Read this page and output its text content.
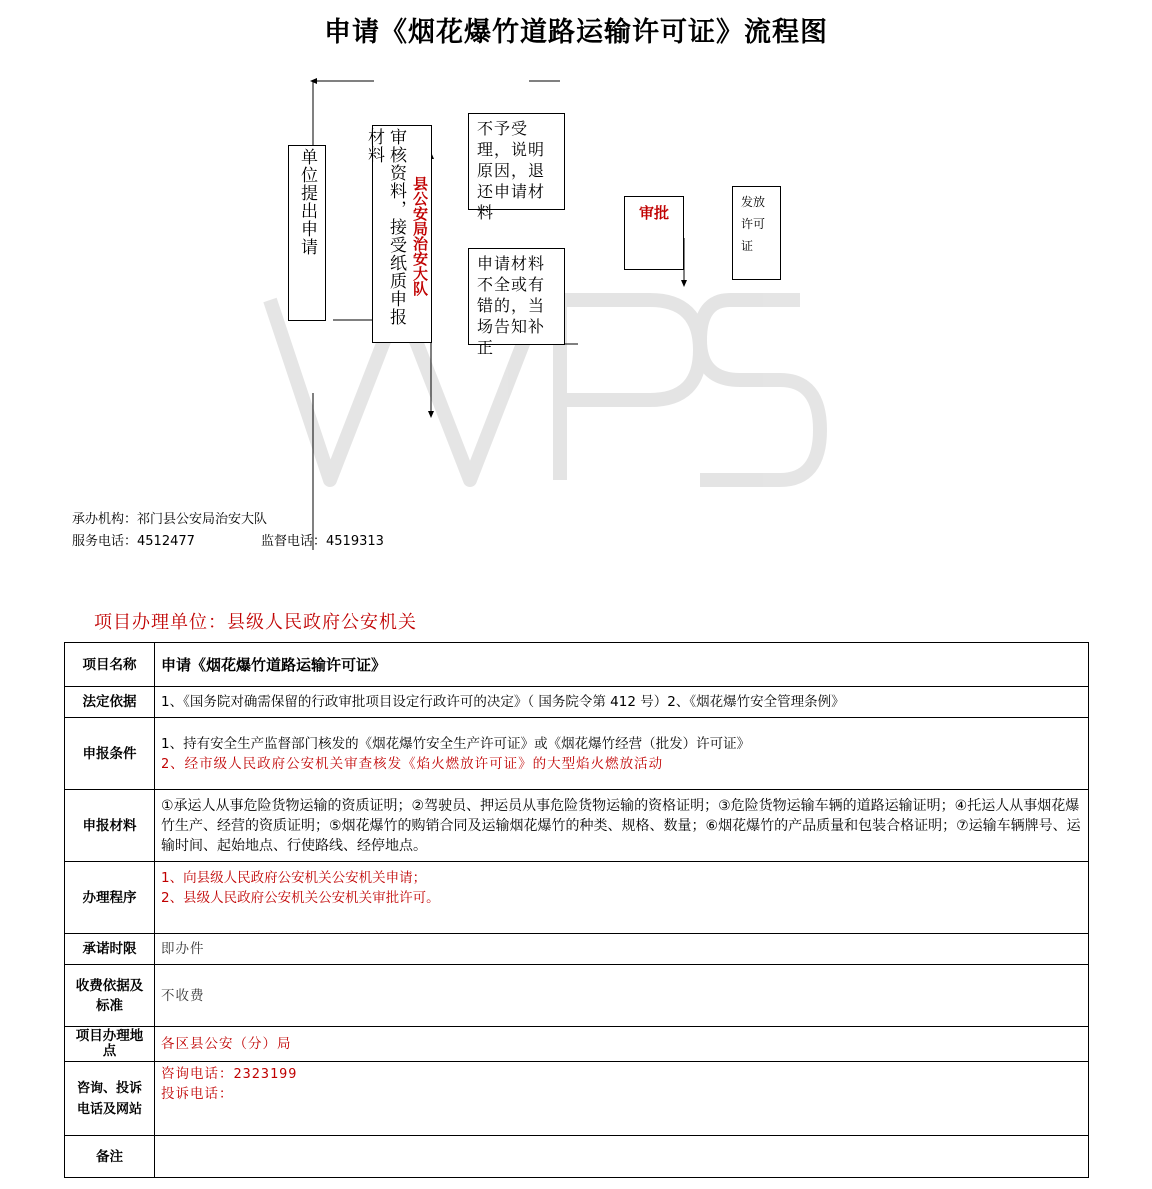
申请《烟花爆竹道路运输许可证》流程图
单位提出申请	审核资料，接受纸质申报材料
县公安局治安大队
不予受理，说明原因，退还申请材料
申请材料不全或有错的，当场告知补正
审批
发放许可证
承办机构：祁门县公安局治安大队
服务电话：4512477	监督电话：4519313
项目办理单位：县级人民政府公安机关
项目名称	申请《烟花爆竹道路运输许可证》
法定依据	1、《国务院对确需保留的行政审批项目设定行政许可的决定》（ 国务院令第 412 号）2、《烟花爆竹安全管理条例》
申报条件	1、持有安全生产监督部门核发的《烟花爆竹安全生产许可证》或《烟花爆竹经营（批发）许可证》
2、经市级人民政府公安机关审查核发《焰火燃放许可证》的大型焰火燃放活动

申报材料	①承运人从事危险货物运输的资质证明；②驾驶员、押运员从事危险货物运输的资格证明；③危险货物运输车辆的道路运输证明；④托运人从事烟花爆竹生产、经营的资质证明；⑤烟花爆竹的购销合同及运输烟花爆竹的种类、规格、数量；⑥烟花爆竹的产品质量和包装合格证明；⑦运输车辆牌号、运输时间、起始地点、行使路线、经停地点。
办理程序	1、向县级人民政府公安机关公安机关申请；
2、县级人民政府公安机关公安机关审批许可。

承诺时限	即办件
收费依据及标准	不收费
项目办理地点	各区县公安（分）局
咨询、投诉电话及网站	咨询电话：2323199
投诉电话：

备注	
